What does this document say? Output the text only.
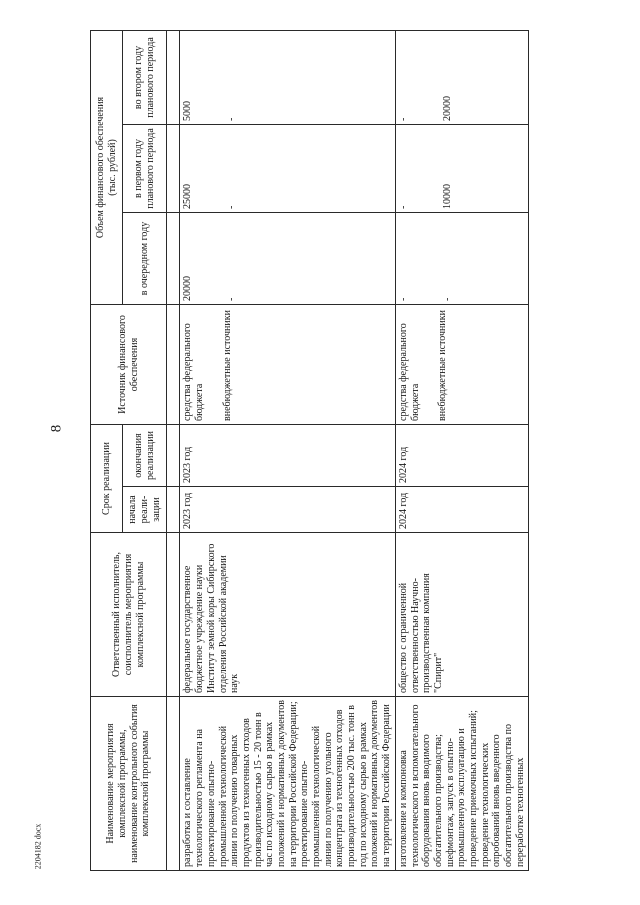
8
2204182 docx
Наименование мероприятия комплексной программы, наименование контрольного события комплексной программы	Ответственный исполнитель, соисполнитель мероприятия комплексной программы	Срок реализации		Источник финансового обеспечения	Объем финансового обеспечения (тыс. рублей)		

		начала реали-зации	окончания реализации		в очередном году	в первом году планового периода	во втором году планового периода

разработка и составление технологического регламента на проектирование опытно-промышленной технологической линии по получению товарных продуктов из техногенных отходов производительностью 15 - 20 тонн в час по исходному сырью в рамках положений и нормативных документов на территории Российской Федерации; проектирование опытно-промышленной технологической линии по получению угольного концентрата из техногенных отходов производительностью 200 тыс. тонн в год по исходному сырью в рамках положений и нормативных документов на территории Российской Федерации	федеральное государственное бюджетное учреждение науки Институт земной коры Сибирского отделения Российской академии наук	2023 год	2023 год	средства федерального бюджета внебюджетные источники	20000 -	25000 -	5000 -

изготовление и компоновка технологического и вспомогательного оборудования вновь вводимого обогатительного производства; шефмонтаж, запуск в опытно-промышленную эксплуатацию и проведение приемочных испытаний; проведение технологических опробований вновь введенного обогатительного производства по переработке техногенных	общество с ограниченной ответственностью Научно-производственная компания "Спирит"	2024 год	2024 год	средства федерального бюджета внебюджетные источники	- -	- 10000	- 20000
